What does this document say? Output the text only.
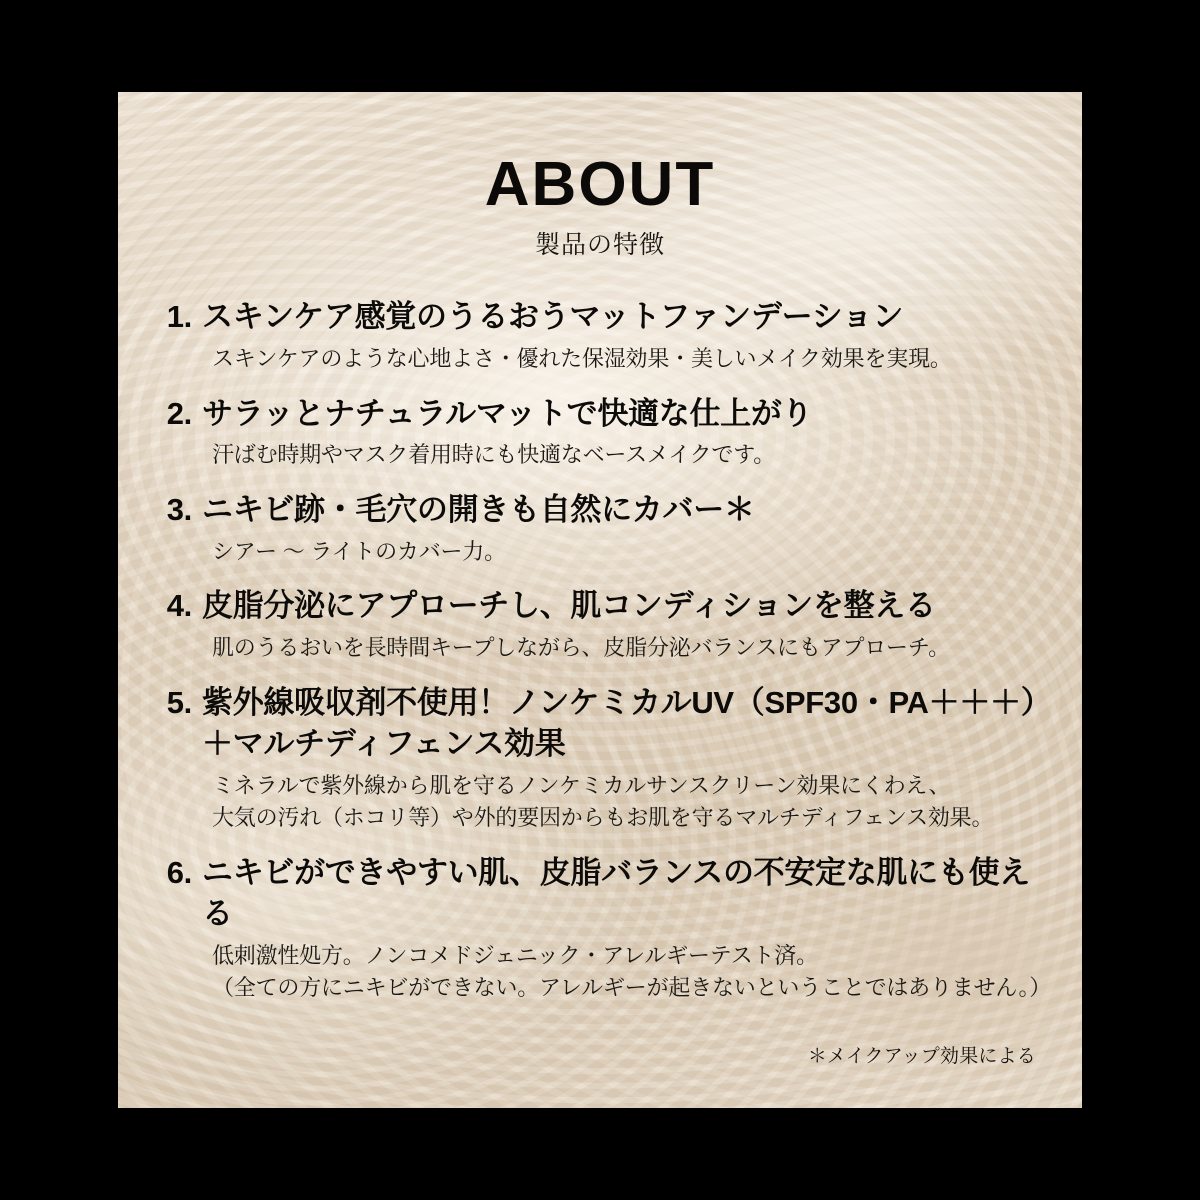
ABOUT
製品の特徴
1. スキンケア感覚のうるおうマットファンデーション
スキンケアのような心地よさ・優れた保湿効果・美しいメイク効果を実現。
2. サラッとナチュラルマットで快適な仕上がり
汗ばむ時期やマスク着用時にも快適なベースメイクです。
3. ニキビ跡・毛穴の開きも自然にカバー＊
シアー 〜 ライトのカバー力。
4. 皮脂分泌にアプローチし、肌コンディションを整える
肌のうるおいを長時間キープしながら、皮脂分泌バランスにもアプローチ。
5. 紫外線吸収剤不使用！ノンケミカルUV（SPF30・PA＋＋＋）
＋マルチディフェンス効果
ミネラルで紫外線から肌を守るノンケミカルサンスクリーン効果にくわえ、
大気の汚れ（ホコリ等）や外的要因からもお肌を守るマルチディフェンス効果。
6. ニキビができやすい肌、皮脂バランスの不安定な肌にも使える
低刺激性処方。ノンコメドジェニック・アレルギーテスト済。
（全ての方にニキビができない。アレルギーが起きないということではありません。）
＊メイクアップ効果による
